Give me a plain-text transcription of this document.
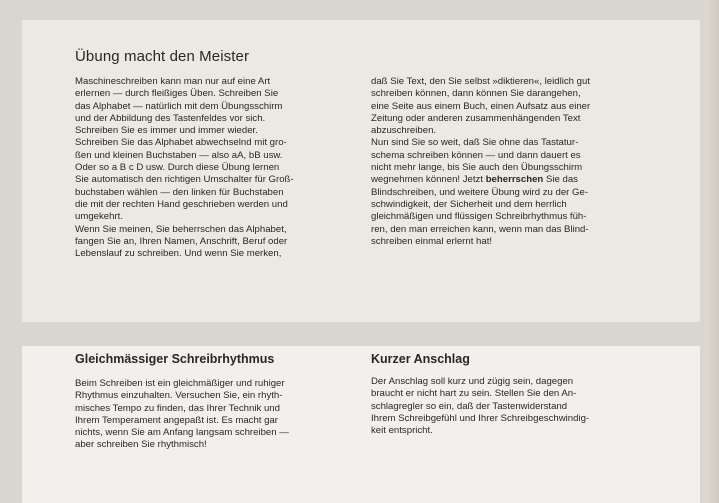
Übung macht den Meister

Maschineschreiben kann man nur auf eine Art

erlernen — durch fleißiges Üben. Schreiben Sie

das Alphabet — natürlich mit dem Übungsschirm

und der Abbildung des Tastenfeldes vor sich.

Schreiben Sie es immer und immer wieder.

Schreiben Sie das Alphabet abwechselnd mit gro-

ßen und kleinen Buchstaben — also aA, bB usw.

Oder so a B c D usw. Durch diese Übung lernen

Sie automatisch den richtigen Umschalter für Groß-

buchstaben wählen — den linken für Buchstaben

die mit der rechten Hand geschrieben werden und

umgekehrt.

Wenn Sie meinen, Sie beherrschen das Alphabet,

fangen Sie an, Ihren Namen, Anschrift, Beruf oder

Lebenslauf zu schreiben. Und wenn Sie merken,

daß Sie Text, den Sie selbst »diktieren«, leidlich gut

schreiben können, dann können Sie darangehen,

eine Seite aus einem Buch, einen Aufsatz aus einer

Zeitung oder anderen zusammenhängenden Text

abzuschreiben.

Nun sind Sie so weit, daß Sie ohne das Tastatur-

schema schreiben können — und dann dauert es

nicht mehr lange, bis Sie auch den Übungsschirm

wegnehmen können! Jetzt beherrschen Sie das

Blindschreiben, und weitere Übung wird zu der Ge-

schwindigkeit, der Sicherheit und dem herrlich

gleichmäßigen und flüssigen Schreibrhythmus füh-

ren, den man erreichen kann, wenn man das Blind-

schreiben einmal erlernt hat!

Gleichmässiger Schreibrhythmus

Beim Schreiben ist ein gleichmäßiger und ruhiger

Rhythmus einzuhalten. Versuchen Sie, ein rhyth-

misches Tempo zu finden, das Ihrer Technik und

Ihrem Temperament angepaßt ist. Es macht gar

nichts, wenn Sie am Anfang langsam schreiben —

aber schreiben Sie rhythmisch!

Kurzer Anschlag

Der Anschlag soll kurz und zügig sein, dagegen

braucht er nicht hart zu sein. Stellen Sie den An-

schlagregler so ein, daß der Tastenwiderstand

Ihrem Schreibgefühl und Ihrer Schreibgeschwindig-

keit entspricht.
